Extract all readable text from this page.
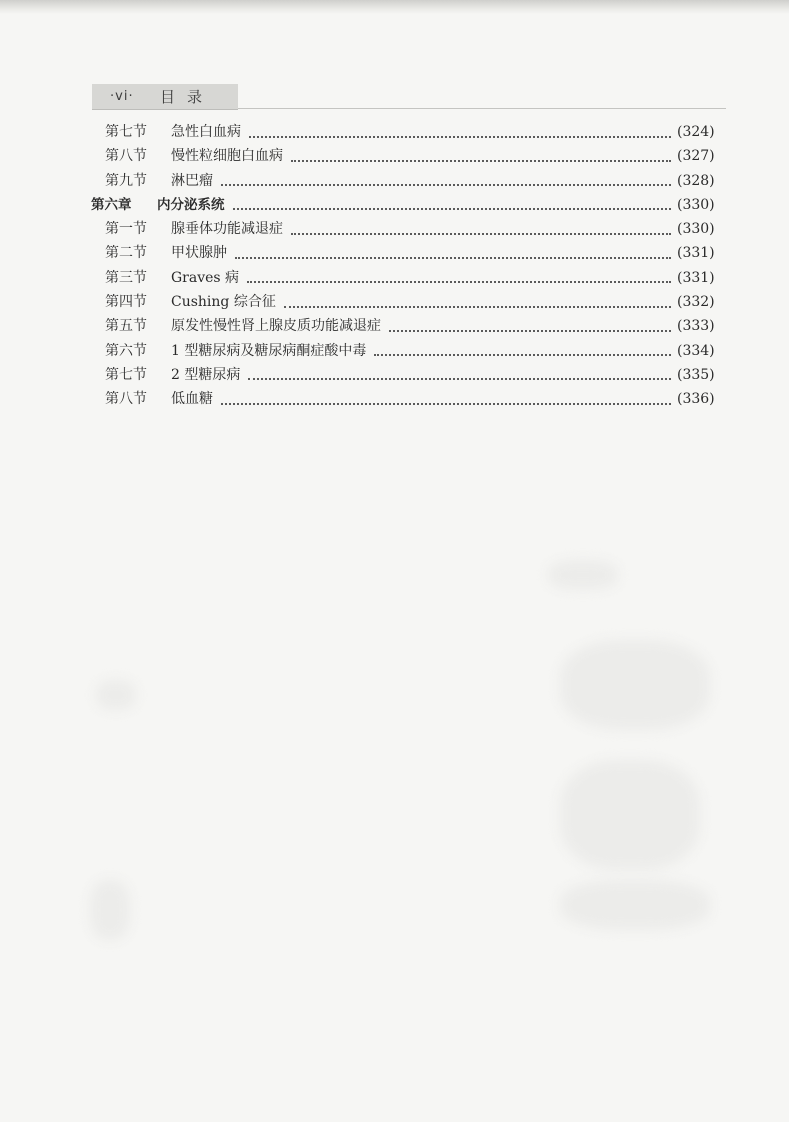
·vi· 目录
第七节	急性白血病	(324)
第八节	慢性粒细胞白血病	(327)
第九节	淋巴瘤	(328)
第六章	内分泌系统	(330)
第一节	腺垂体功能减退症	(330)
第二节	甲状腺肿	(331)
第三节	Graves 病	(331)
第四节	Cushing 综合征	(332)
第五节	原发性慢性肾上腺皮质功能减退症	(333)
第六节	1 型糖尿病及糖尿病酮症酸中毒	(334)
第七节	2 型糖尿病	(335)
第八节	低血糖	(336)
